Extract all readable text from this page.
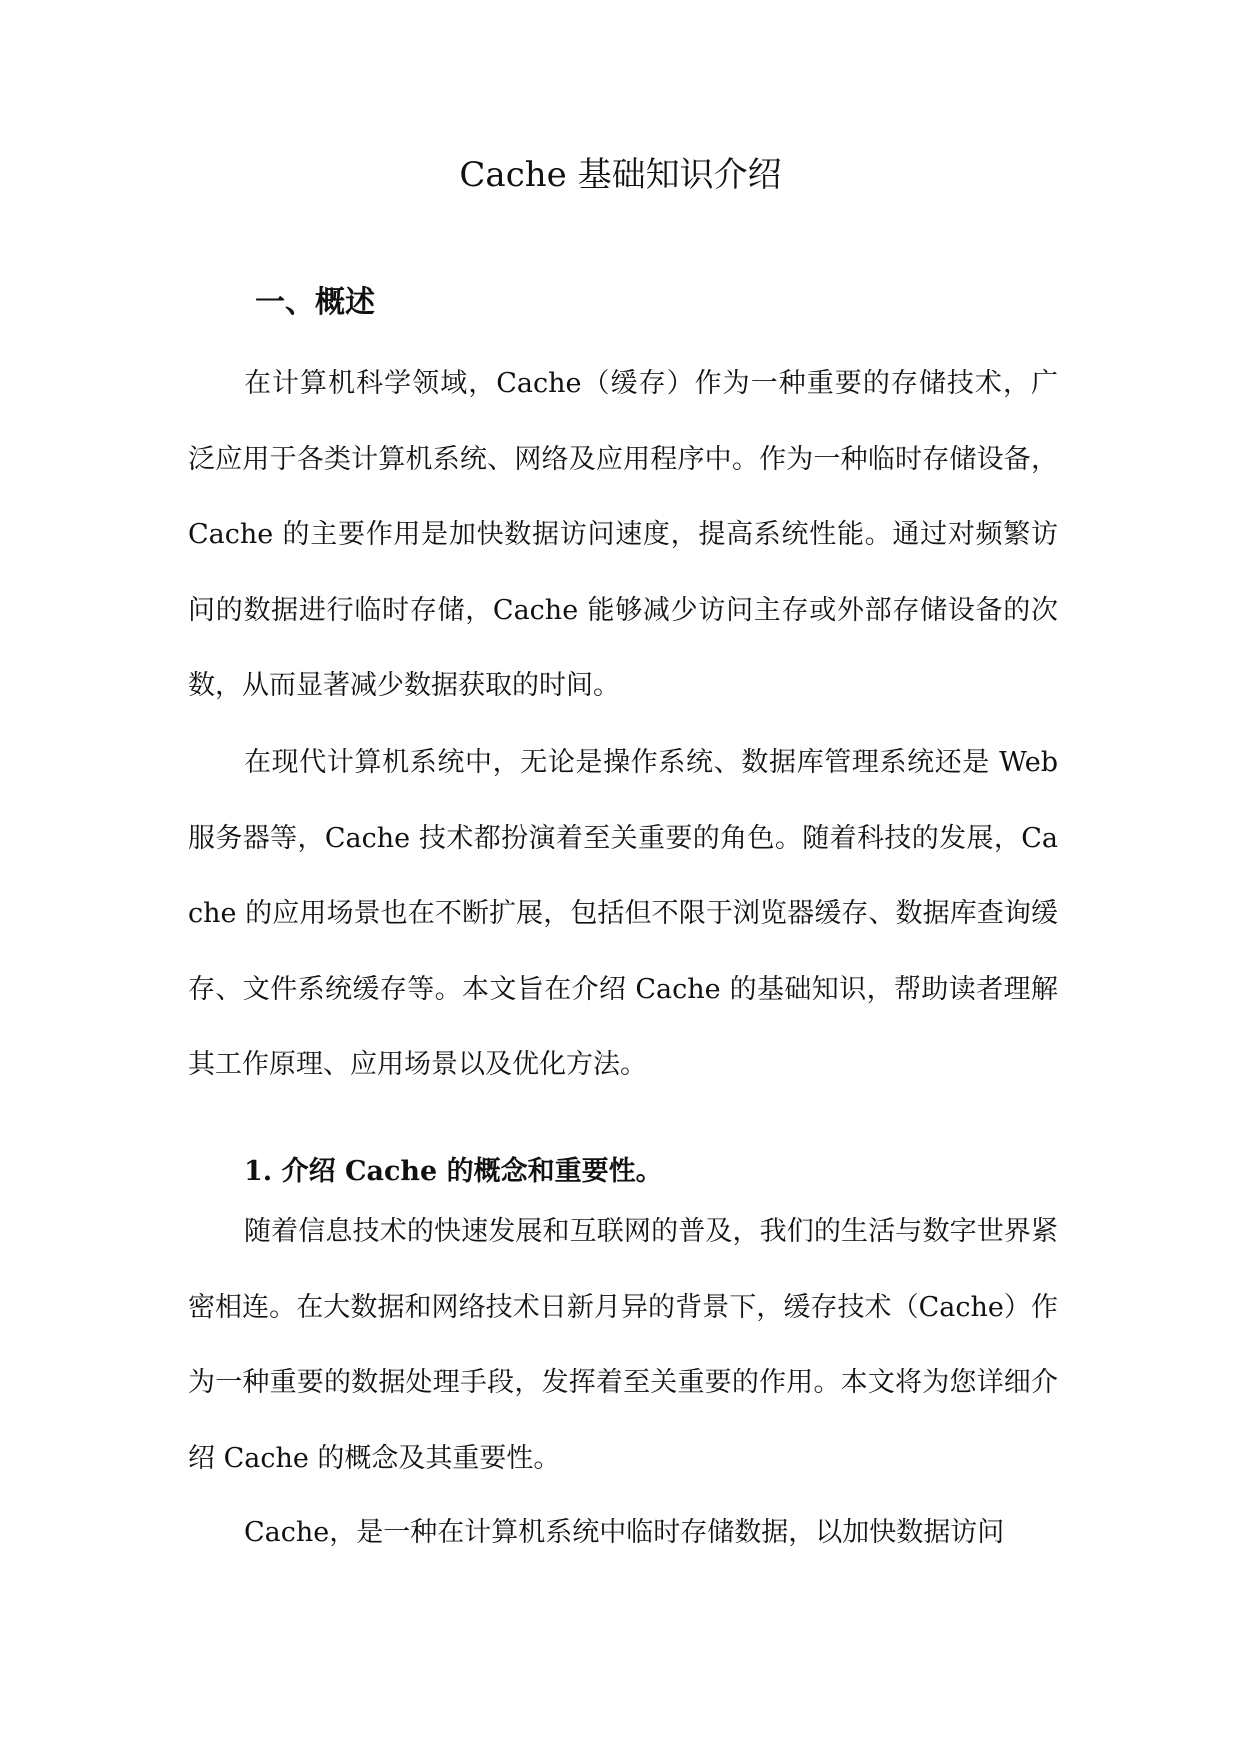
Cache 基础知识介绍
一、概述

在计算机科学领域，Cache（缓存）作为一种重要的存储技术，广泛应用于各类计算机系统、网络及应用程序中。作为一种临时存储设备，Cache 的主要作用是加快数据访问速度，提高系统性能。通过对频繁访问的数据进行临时存储，Cache 能够减少访问主存或外部存储设备的次数，从而显著减少数据获取的时间。

在现代计算机系统中，无论是操作系统、数据库管理系统还是 Web 服务器等，Cache 技术都扮演着至关重要的角色。随着科技的发展，Cache 的应用场景也在不断扩展，包括但不限于浏览器缓存、数据库查询缓存、文件系统缓存等。本文旨在介绍 Cache 的基础知识，帮助读者理解其工作原理、应用场景以及优化方法。

1. 介绍 Cache 的概念和重要性。

随着信息技术的快速发展和互联网的普及，我们的生活与数字世界紧密相连。在大数据和网络技术日新月异的背景下，缓存技术（Cache）作为一种重要的数据处理手段，发挥着至关重要的作用。本文将为您详细介绍 Cache 的概念及其重要性。

Cache，是一种在计算机系统中临时存储数据，以加快数据访问
